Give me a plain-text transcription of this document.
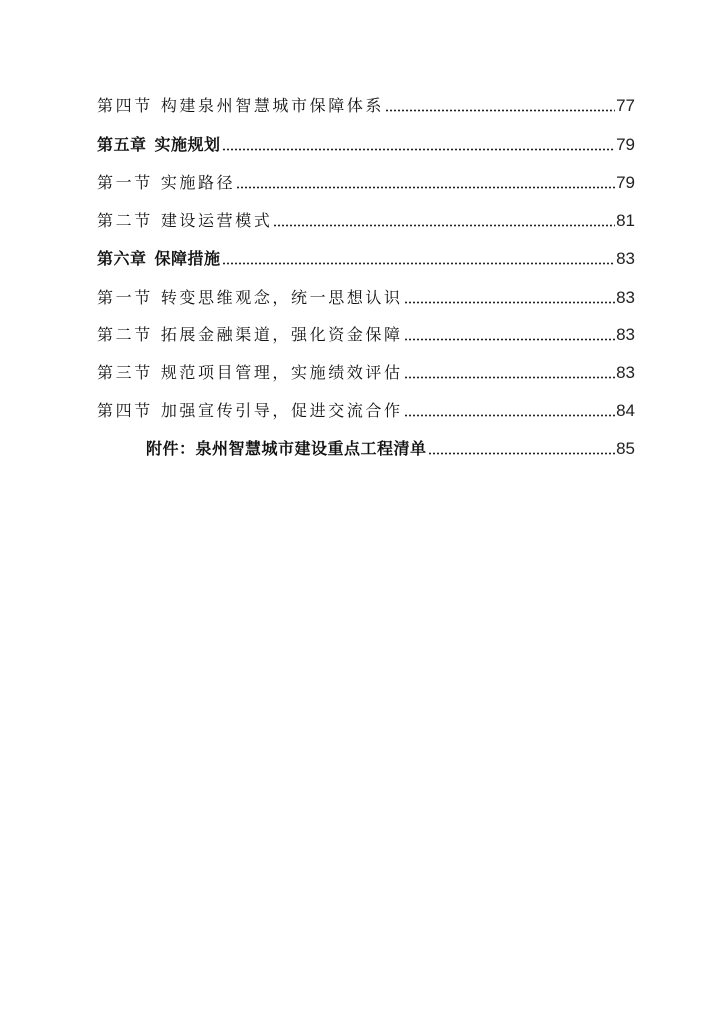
第四节 构建泉州智慧城市保障体系	77
第五章 实施规划	79
第一节 实施路径	79
第二节 建设运营模式	81
第六章 保障措施	83
第一节 转变思维观念，统一思想认识	83
第二节 拓展金融渠道，强化资金保障	83
第三节 规范项目管理，实施绩效评估	83
第四节 加强宣传引导，促进交流合作	84
附件：泉州智慧城市建设重点工程清单	85
